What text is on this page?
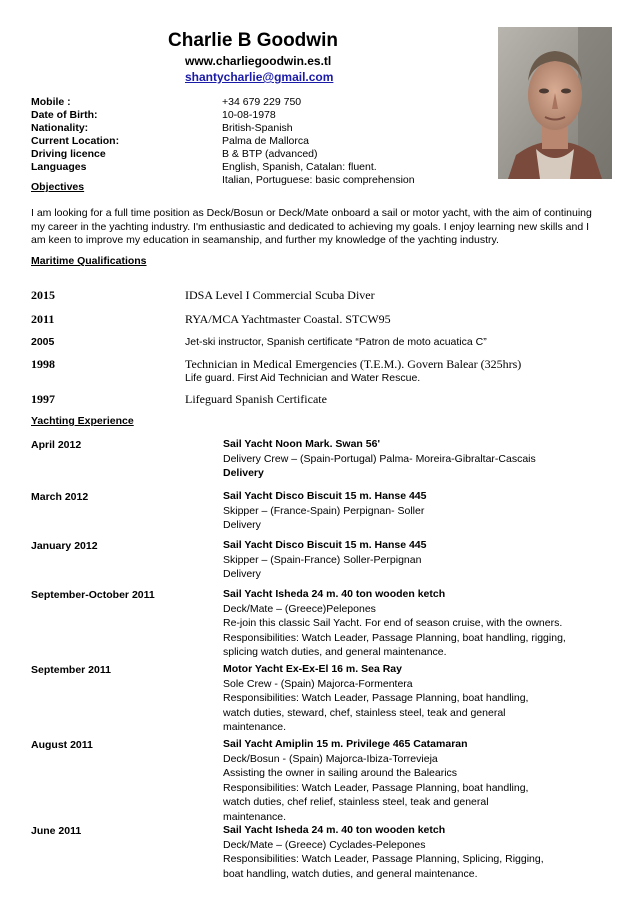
Charlie B Goodwin
www.charliegoodwin.es.tl
shantycharlie@gmail.com
Mobile :	+34 679 229 750
Date of Birth:	10-08-1978
Nationality:	British-Spanish
Current Location:	Palma de Mallorca
Driving licence	B & BTP (advanced)
Languages	English, Spanish, Catalan: fluent.
Italian, Portuguese: basic comprehension
Objectives
I am looking for a full time position as Deck/Bosun or Deck/Mate onboard a sail or motor yacht, with the aim of continuing
my career in the yachting industry. I'm enthusiastic and dedicated to achieving my goals. I enjoy learning new skills and I
am keen to improve my education in seamanship, and further my knowledge of the yachting industry.
Maritime Qualifications
2015	IDSA Level I Commercial Scuba Diver
2011	RYA/MCA Yachtmaster Coastal. STCW95
2005	Jet-ski instructor, Spanish certificate “Patron de moto acuatica C”
1998	Technician in Medical Emergencies (T.E.M.). Govern Balear (325hrs)
Life guard. First Aid Technician and Water Rescue.
1997	Lifeguard Spanish Certificate
Yachting Experience
April 2012	Sail Yacht Noon Mark. Swan 56'
Delivery Crew – (Spain-Portugal) Palma- Moreira-Gibraltar-Cascais
Delivery
March 2012	Sail Yacht Disco Biscuit 15 m. Hanse 445
Skipper – (France-Spain) Perpignan- Soller
Delivery
January 2012	Sail Yacht Disco Biscuit 15 m. Hanse 445
Skipper – (Spain-France) Soller-Perpignan
Delivery
September-October 2011	Sail Yacht Isheda 24 m. 40 ton wooden ketch
Deck/Mate – (Greece)Pelepones
Re-join this classic Sail Yacht. For end of season cruise, with the owners.
Responsibilities: Watch Leader, Passage Planning, boat handling, rigging,
splicing watch duties, and general maintenance.
September 2011	Motor Yacht Ex-Ex-El 16 m. Sea Ray
Sole Crew - (Spain) Majorca-Formentera
Responsibilities: Watch Leader, Passage Planning, boat handling,
watch duties, steward, chef, stainless steel, teak and general
maintenance.
August 2011	Sail Yacht Amiplin 15 m. Privilege 465 Catamaran
Deck/Bosun - (Spain) Majorca-Ibiza-Torrevieja
Assisting the owner in sailing around the Balearics
Responsibilities: Watch Leader, Passage Planning, boat handling,
watch duties, chef relief, stainless steel, teak and general
maintenance.
June 2011	Sail Yacht Isheda 24 m. 40 ton wooden ketch
Deck/Mate – (Greece) Cyclades-Pelepones
Responsibilities: Watch Leader, Passage Planning, Splicing, Rigging,
boat handling, watch duties, and general maintenance.
